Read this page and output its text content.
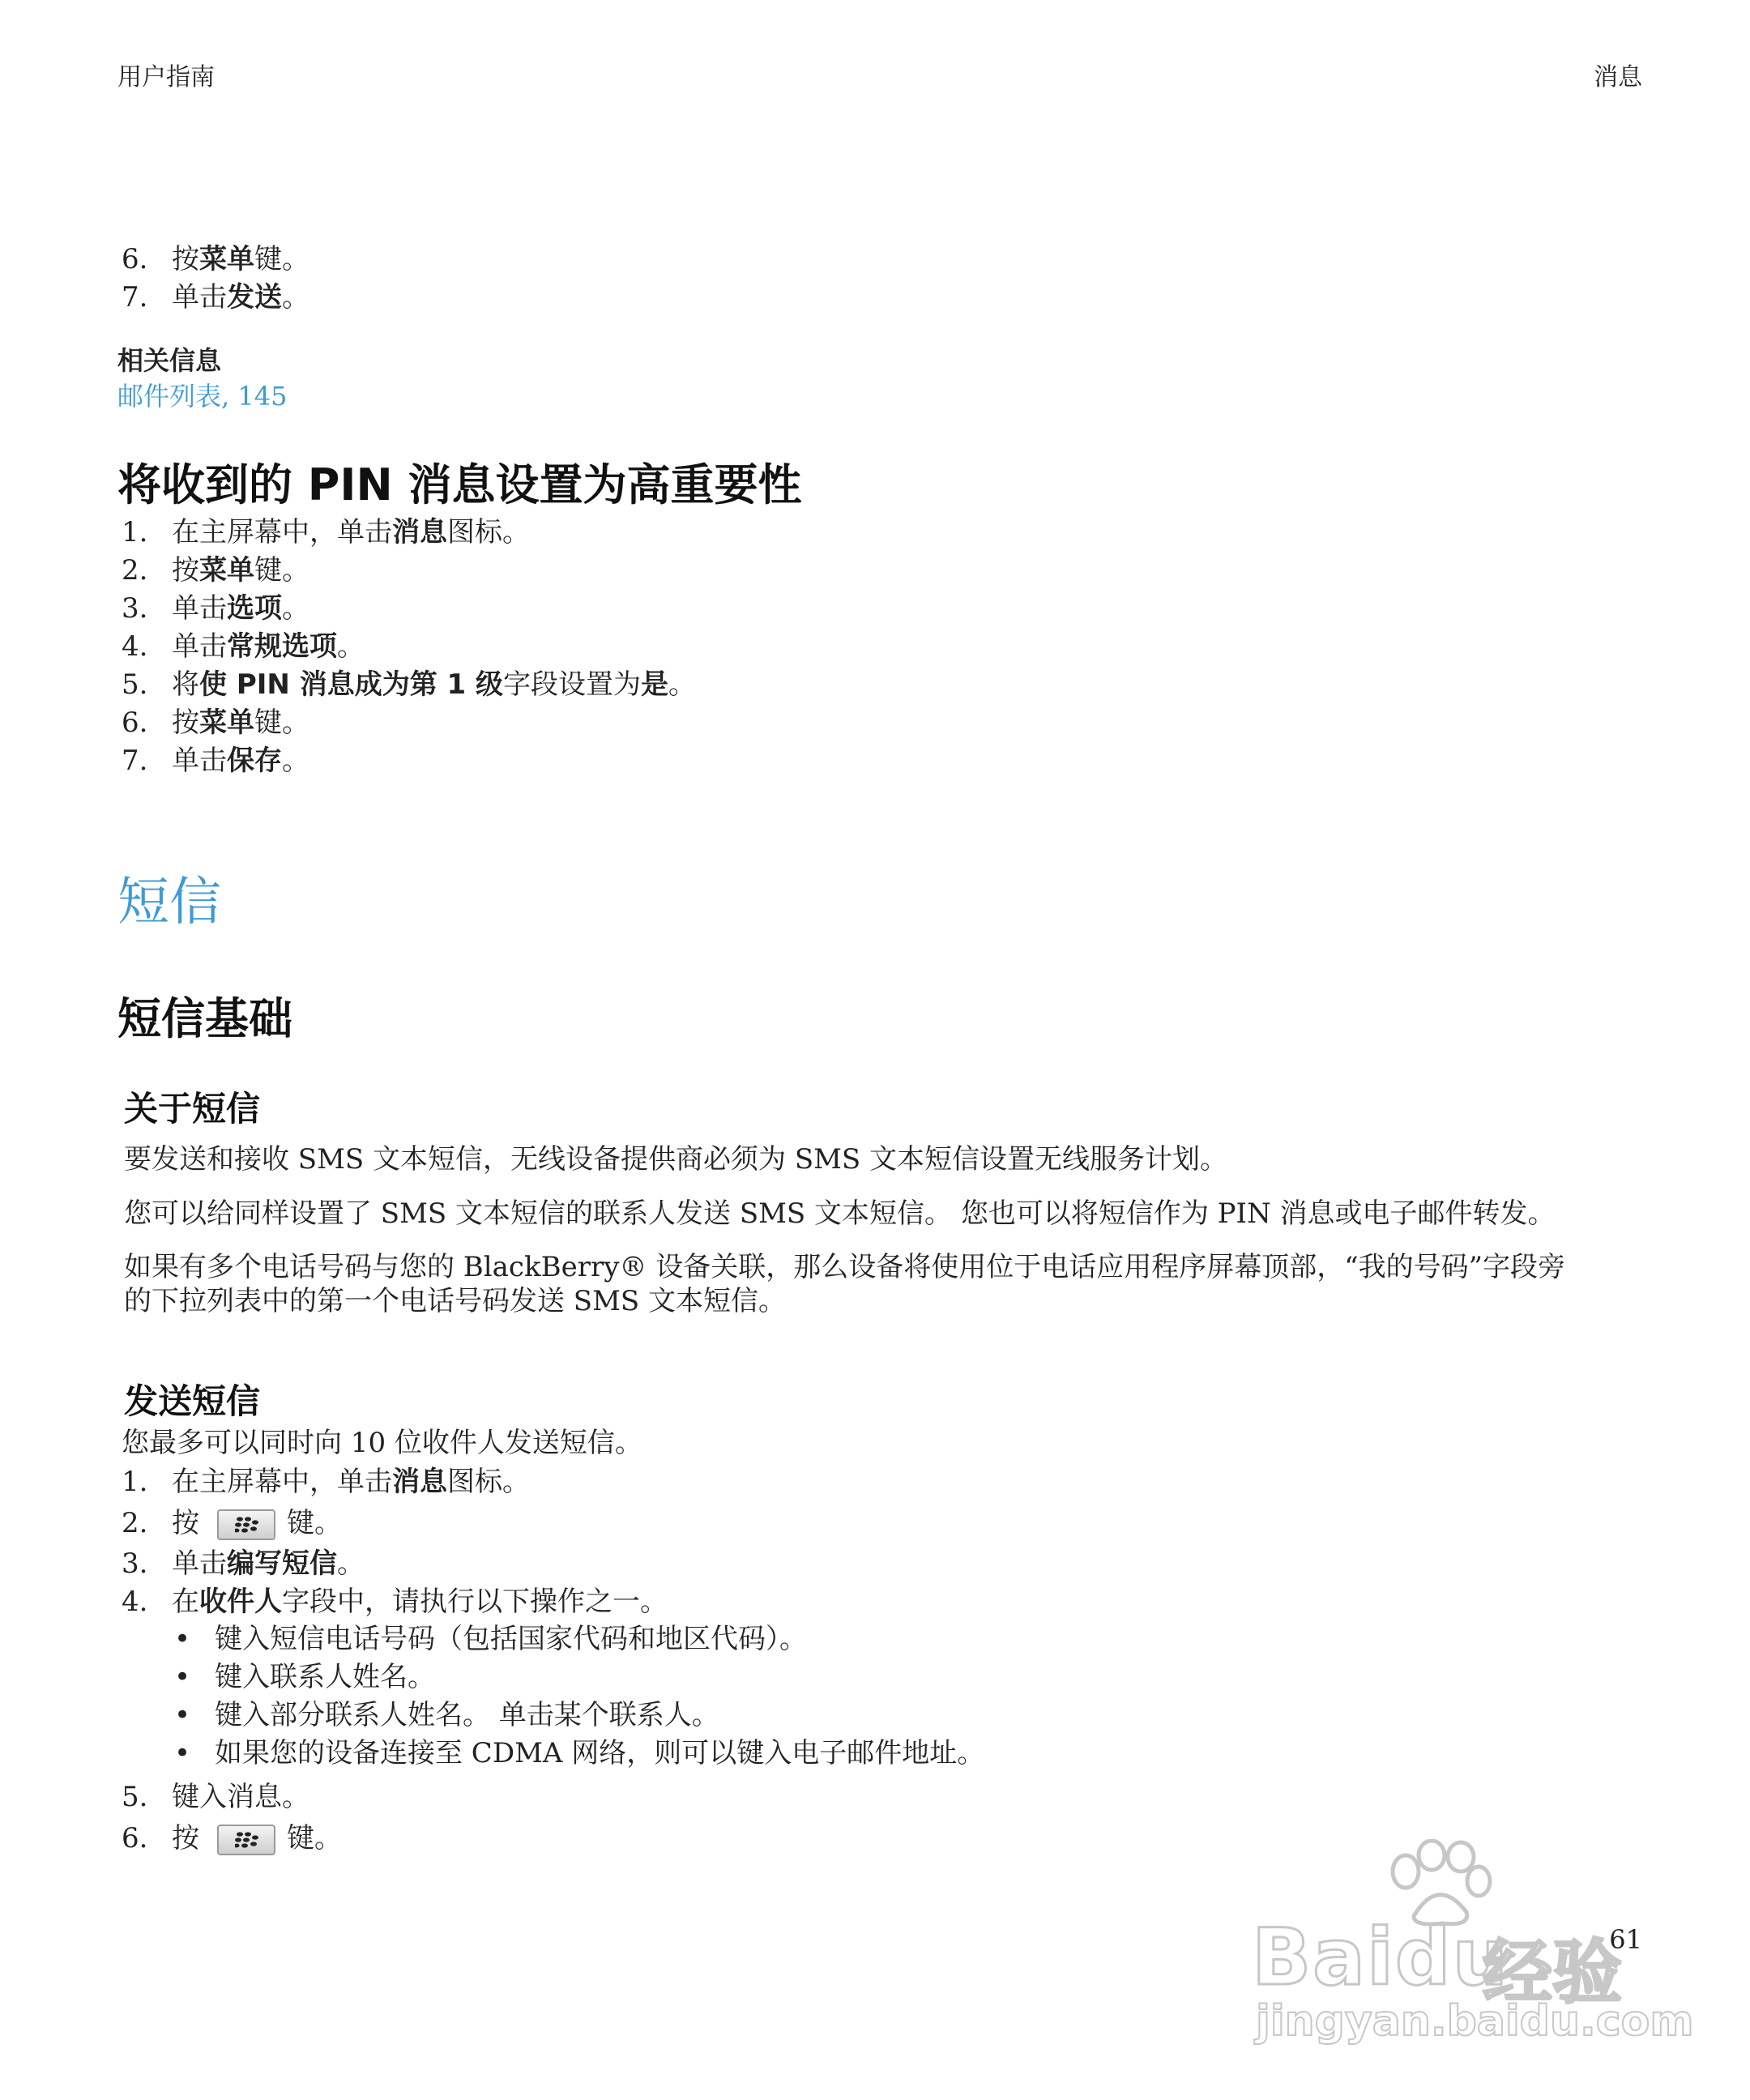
用户指南	消息
6. 按菜单键。
7. 单击发送。
相关信息
邮件列表, 145
将收到的 PIN 消息设置为高重要性
1. 在主屏幕中，单击消息图标。
2. 按菜单键。
3. 单击选项。
4. 单击常规选项。
5. 将使 PIN 消息成为第 1 级字段设置为是。
6. 按菜单键。
7. 单击保存。
短信
短信基础
关于短信

要发送和接收 SMS 文本短信，无线设备提供商必须为 SMS 文本短信设置无线服务计划。

您可以给同样设置了 SMS 文本短信的联系人发送 SMS 文本短信。 您也可以将短信作为 PIN 消息或电子邮件转发。

如果有多个电话号码与您的 BlackBerry® 设备关联，那么设备将使用位于电话应用程序屏幕顶部，“我的号码”字段旁
的下拉列表中的第一个电话号码发送 SMS 文本短信。

发送短信

您最多可以同时向 10 位收件人发送短信。

1. 在主屏幕中，单击消息图标。
2. 按	键。
3. 单击编写短信。
4. 在收件人字段中，请执行以下操作之一。
• 键入短信电话号码（包括国家代码和地区代码）。
• 键入联系人姓名。
• 键入部分联系人姓名。 单击某个联系人。
• 如果您的设备连接至 CDMA 网络，则可以键入电子邮件地址。
5. 键入消息。
6. 按	键。
61
Baidu
经验
jingyan.baidu.com
